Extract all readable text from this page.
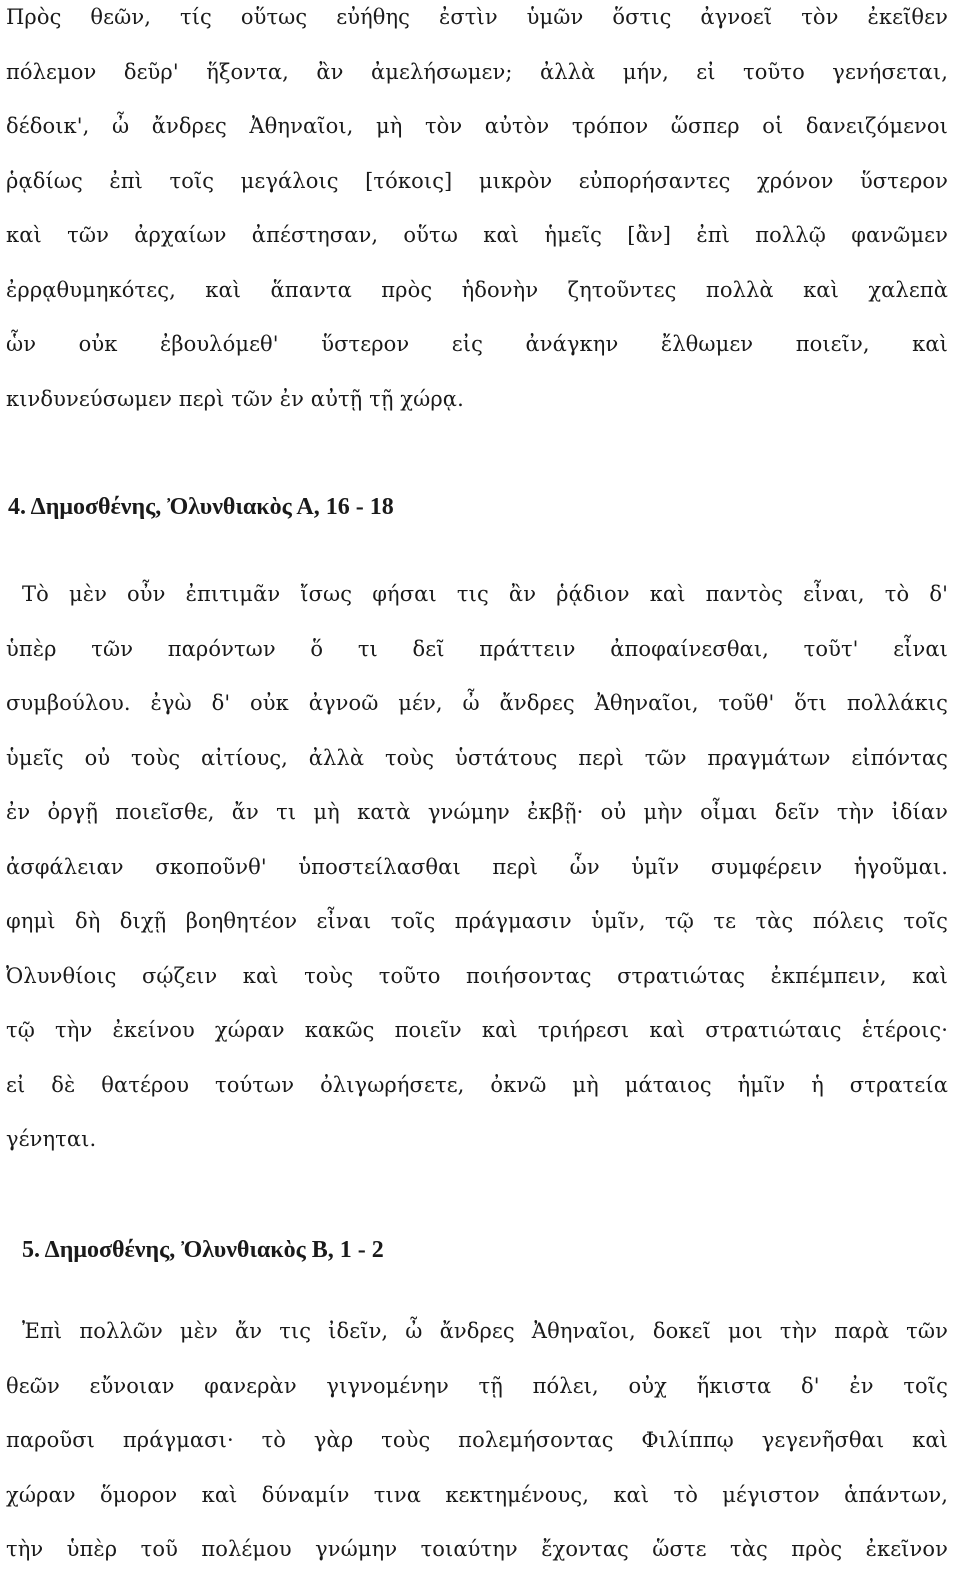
Πρὸς θεῶν, τίς οὕτως εὐήθης ἐστὶν ὑμῶν ὅστις ἀγνοεῖ τὸν ἐκεῖθεν
πόλεμον δεῦρ' ἥξοντα, ἂν ἀμελήσωμεν; ἀλλὰ μήν, εἰ τοῦτο γενήσεται,
δέδοικ', ὦ ἄνδρες Ἀθηναῖοι, μὴ τὸν αὐτὸν τρόπον ὥσπερ οἱ δανειζόμενοι
ῥᾳδίως ἐπὶ τοῖς μεγάλοις [τόκοις] μικρὸν εὐπορήσαντες χρόνον ὕστερον
καὶ τῶν ἀρχαίων ἀπέστησαν, οὕτω καὶ ἡμεῖς [ἂν] ἐπὶ πολλῷ φανῶμεν
ἐρρᾳθυμηκότες, καὶ ἅπαντα πρὸς ἡδονὴν ζητοῦντες πολλὰ καὶ χαλεπὰ
ὧν οὐκ ἐβουλόμεθ' ὕστερον εἰς ἀνάγκην ἔλθωμεν ποιεῖν, καὶ
κινδυνεύσωμεν περὶ τῶν ἐν αὐτῇ τῇ χώρᾳ.
4. Δημοσθένης, Ὀλυνθιακὸς Α, 16 - 18
Τὸ μὲν οὖν ἐπιτιμᾶν ἴσως φήσαι τις ἂν ῥᾴδιον καὶ παντὸς εἶναι, τὸ δ'
ὑπὲρ τῶν παρόντων ὅ τι δεῖ πράττειν ἀποφαίνεσθαι, τοῦτ' εἶναι
συμβούλου. ἐγὼ δ' οὐκ ἀγνοῶ μέν, ὦ ἄνδρες Ἀθηναῖοι, τοῦθ' ὅτι πολλάκις
ὑμεῖς οὐ τοὺς αἰτίους, ἀλλὰ τοὺς ὑστάτους περὶ τῶν πραγμάτων εἰπόντας
ἐν ὀργῇ ποιεῖσθε, ἄν τι μὴ κατὰ γνώμην ἐκβῇ· οὐ μὴν οἶμαι δεῖν τὴν ἰδίαν
ἀσφάλειαν σκοποῦνθ' ὑποστείλασθαι περὶ ὧν ὑμῖν συμφέρειν ἡγοῦμαι.
φημὶ δὴ διχῇ βοηθητέον εἶναι τοῖς πράγμασιν ὑμῖν, τῷ τε τὰς πόλεις τοῖς
Ὀλυνθίοις σῴζειν καὶ τοὺς τοῦτο ποιήσοντας στρατιώτας ἐκπέμπειν, καὶ
τῷ τὴν ἐκείνου χώραν κακῶς ποιεῖν καὶ τριήρεσι καὶ στρατιώταις ἑτέροις·
εἰ δὲ θατέρου τούτων ὀλιγωρήσετε, ὀκνῶ μὴ μάταιος ἡμῖν ἡ στρατεία
γένηται.
5. Δημοσθένης, Ὀλυνθιακὸς Β, 1 - 2
Ἐπὶ πολλῶν μὲν ἄν τις ἰδεῖν, ὦ ἄνδρες Ἀθηναῖοι, δοκεῖ μοι τὴν παρὰ τῶν
θεῶν εὔνοιαν φανερὰν γιγνομένην τῇ πόλει, οὐχ ἥκιστα δ' ἐν τοῖς
παροῦσι πράγμασι· τὸ γὰρ τοὺς πολεμήσοντας Φιλίππῳ γεγενῆσθαι καὶ
χώραν ὅμορον καὶ δύναμίν τινα κεκτημένους, καὶ τὸ μέγιστον ἁπάντων,
τὴν ὑπὲρ τοῦ πολέμου γνώμην τοιαύτην ἔχοντας ὥστε τὰς πρὸς ἐκεῖνον
